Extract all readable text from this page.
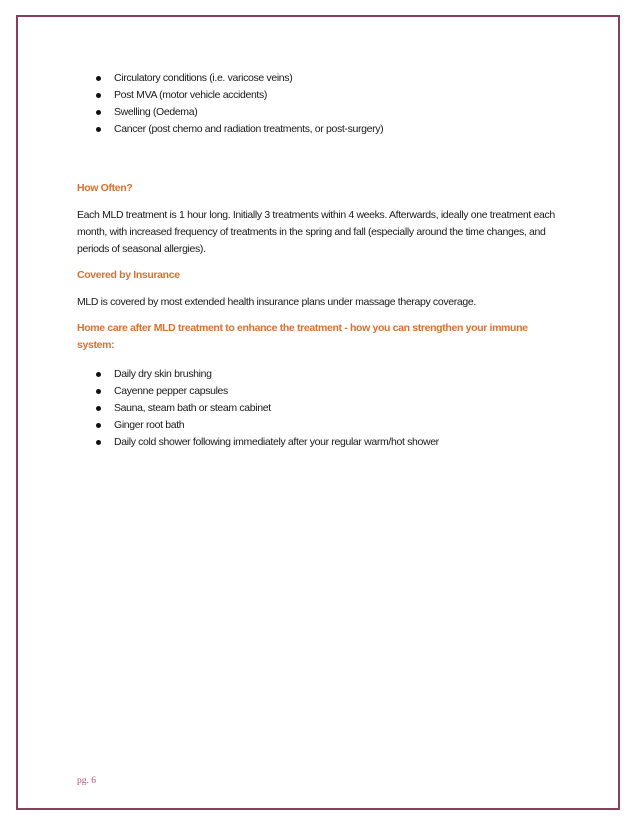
Circulatory conditions (i.e. varicose veins)
Post MVA (motor vehicle accidents)
Swelling (Oedema)
Cancer (post chemo and radiation treatments, or post-surgery)
How Often?
Each MLD treatment is 1 hour long. Initially 3 treatments within 4 weeks. Afterwards, ideally one treatment each month, with increased frequency of treatments in the spring and fall (especially around the time changes, and periods of seasonal allergies).
Covered by Insurance
MLD is covered by most extended health insurance plans under massage therapy coverage.
Home care after MLD treatment to enhance the treatment - how you can strengthen your immune system:
Daily dry skin brushing
Cayenne pepper capsules
Sauna, steam bath or steam cabinet
Ginger root bath
Daily cold shower following immediately after your regular warm/hot shower
pg. 6
